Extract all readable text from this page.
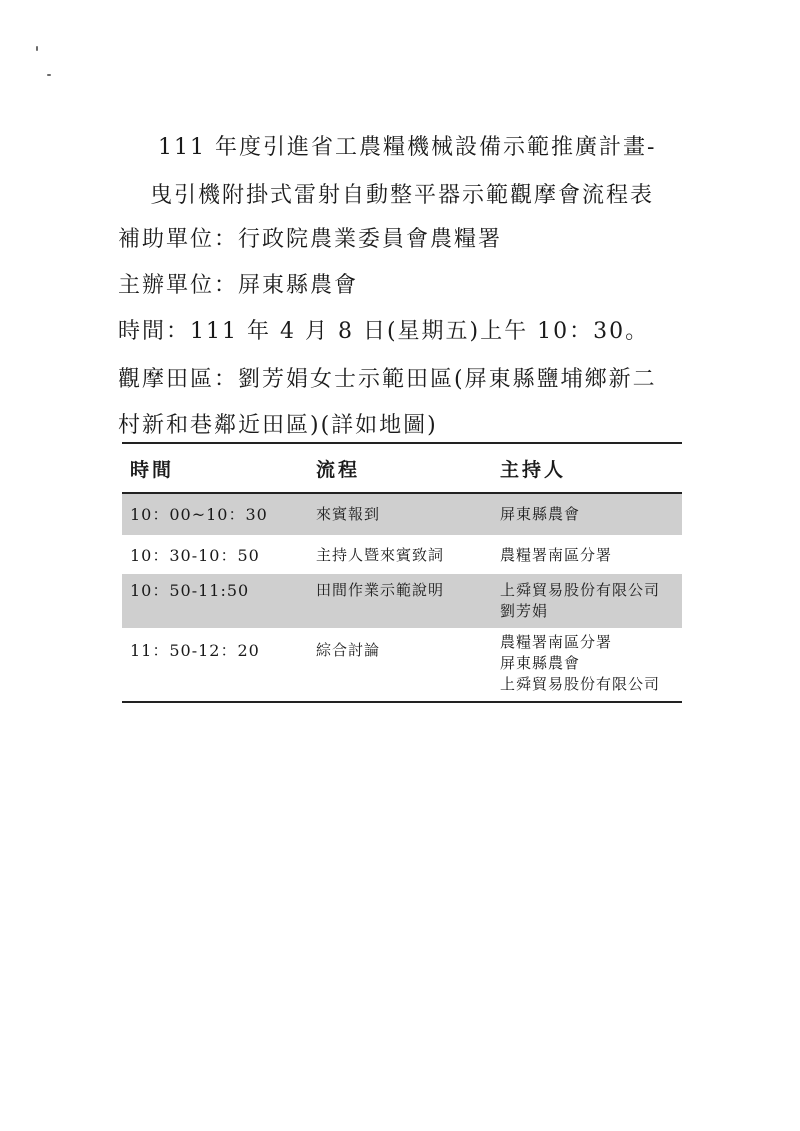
111 年度引進省工農糧機械設備示範推廣計畫-
曳引機附掛式雷射自動整平器示範觀摩會流程表
補助單位：行政院農業委員會農糧署
主辦單位：屏東縣農會
時間：111 年 4 月 8 日(星期五)上午 10：30。
觀摩田區：劉芳娟女士示範田區(屏東縣鹽埔鄉新二
村新和巷鄰近田區)(詳如地圖)
時間	流程	主持人
10：00~10：30	來賓報到	屏東縣農會

10：30-10：50	主持人暨來賓致詞	農糧署南區分署

10：50-11:50	田間作業示範說明	上舜貿易股份有限公司
劉芳娟

11：50-12：20	綜合討論	農糧署南區分署
屏東縣農會
上舜貿易股份有限公司
